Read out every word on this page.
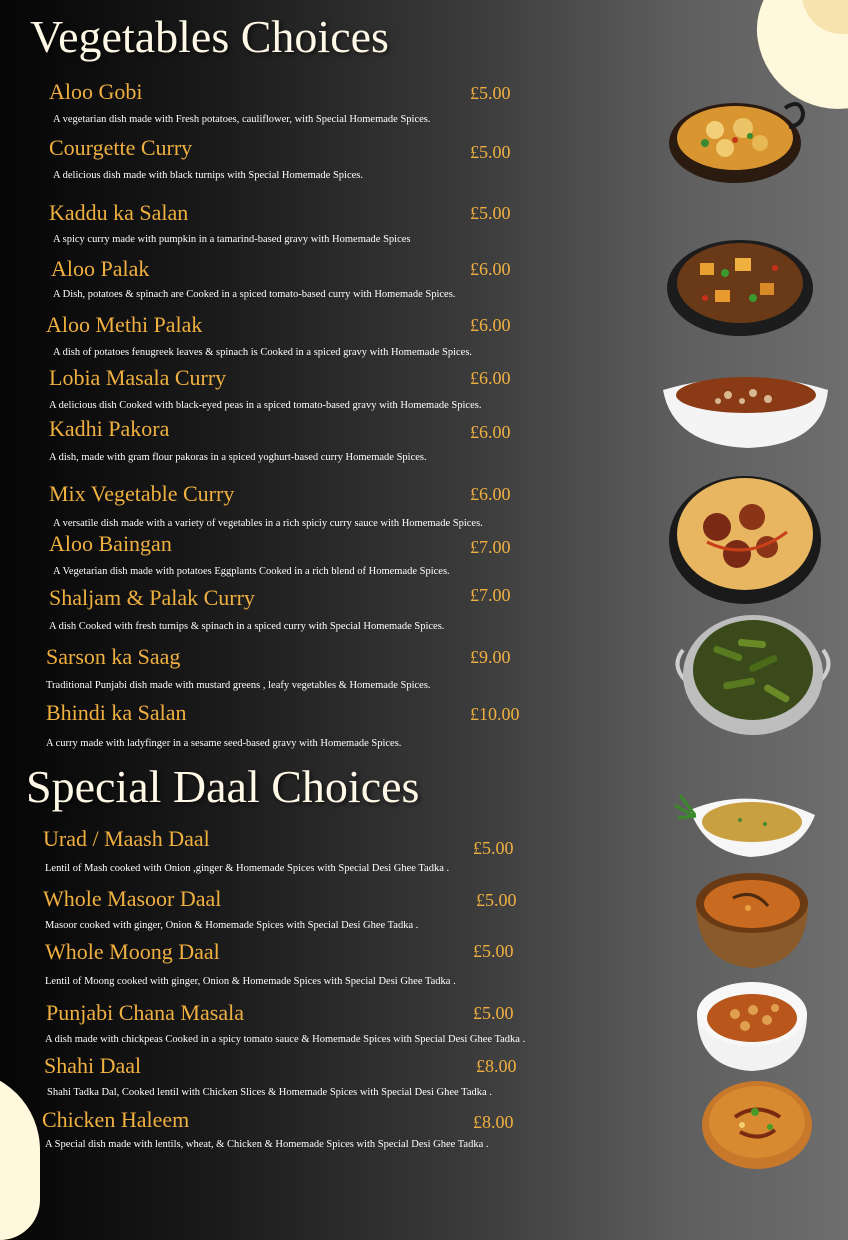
Vegetables Choices
Aloo Gobi	£5.00
A vegetarian dish made with Fresh potatoes, cauliflower, with Special Homemade Spices.
Courgette Curry	£5.00
A delicious dish made with black turnips with Special Homemade Spices.
Kaddu ka Salan	£5.00
A spicy curry made with pumpkin in a tamarind-based gravy with Homemade Spices
Aloo Palak	£6.00
A Dish, potatoes & spinach are Cooked in a spiced tomato-based curry with Homemade Spices.
Aloo Methi Palak	£6.00
A dish of potatoes fenugreek leaves & spinach is Cooked in a spiced gravy with Homemade Spices.
Lobia Masala Curry	£6.00
A delicious dish Cooked with black-eyed peas in a spiced tomato-based gravy with Homemade Spices.
Kadhi Pakora	£6.00
A dish, made with gram flour pakoras in a spiced yoghurt-based curry Homemade Spices.
Mix Vegetable Curry	£6.00
A versatile dish made with a variety of vegetables in a rich spiciy curry sauce with Homemade Spices.
Aloo Baingan	£7.00
A Vegetarian dish made with potatoes Eggplants Cooked in a rich blend of Homemade Spices.
Shaljam & Palak Curry	£7.00
A dish Cooked with fresh turnips & spinach in a spiced curry with Special Homemade Spices.
Sarson ka Saag	£9.00
Traditional Punjabi dish made with mustard greens , leafy vegetables & Homemade Spices.
Bhindi ka Salan	£10.00
A curry made with ladyfinger in a sesame seed-based gravy with Homemade Spices.
Special Daal Choices
Urad / Maash Daal	£5.00
Lentil of Mash cooked with Onion ,ginger & Homemade Spices with Special Desi Ghee Tadka .
Whole Masoor Daal	£5.00
Masoor cooked with ginger, Onion & Homemade Spices with Special Desi Ghee Tadka .
Whole Moong Daal	£5.00
Lentil of Moong cooked with ginger, Onion & Homemade Spices with Special Desi Ghee Tadka .
Punjabi Chana Masala	£5.00
A dish made with chickpeas Cooked in a spicy tomato sauce & Homemade Spices with Special Desi Ghee Tadka .
Shahi Daal	£8.00
Shahi Tadka Dal, Cooked lentil with Chicken Slices & Homemade Spices with Special Desi Ghee Tadka .
Chicken Haleem	£8.00
A Special dish made with lentils, wheat, & Chicken & Homemade Spices with Special Desi Ghee Tadka .
